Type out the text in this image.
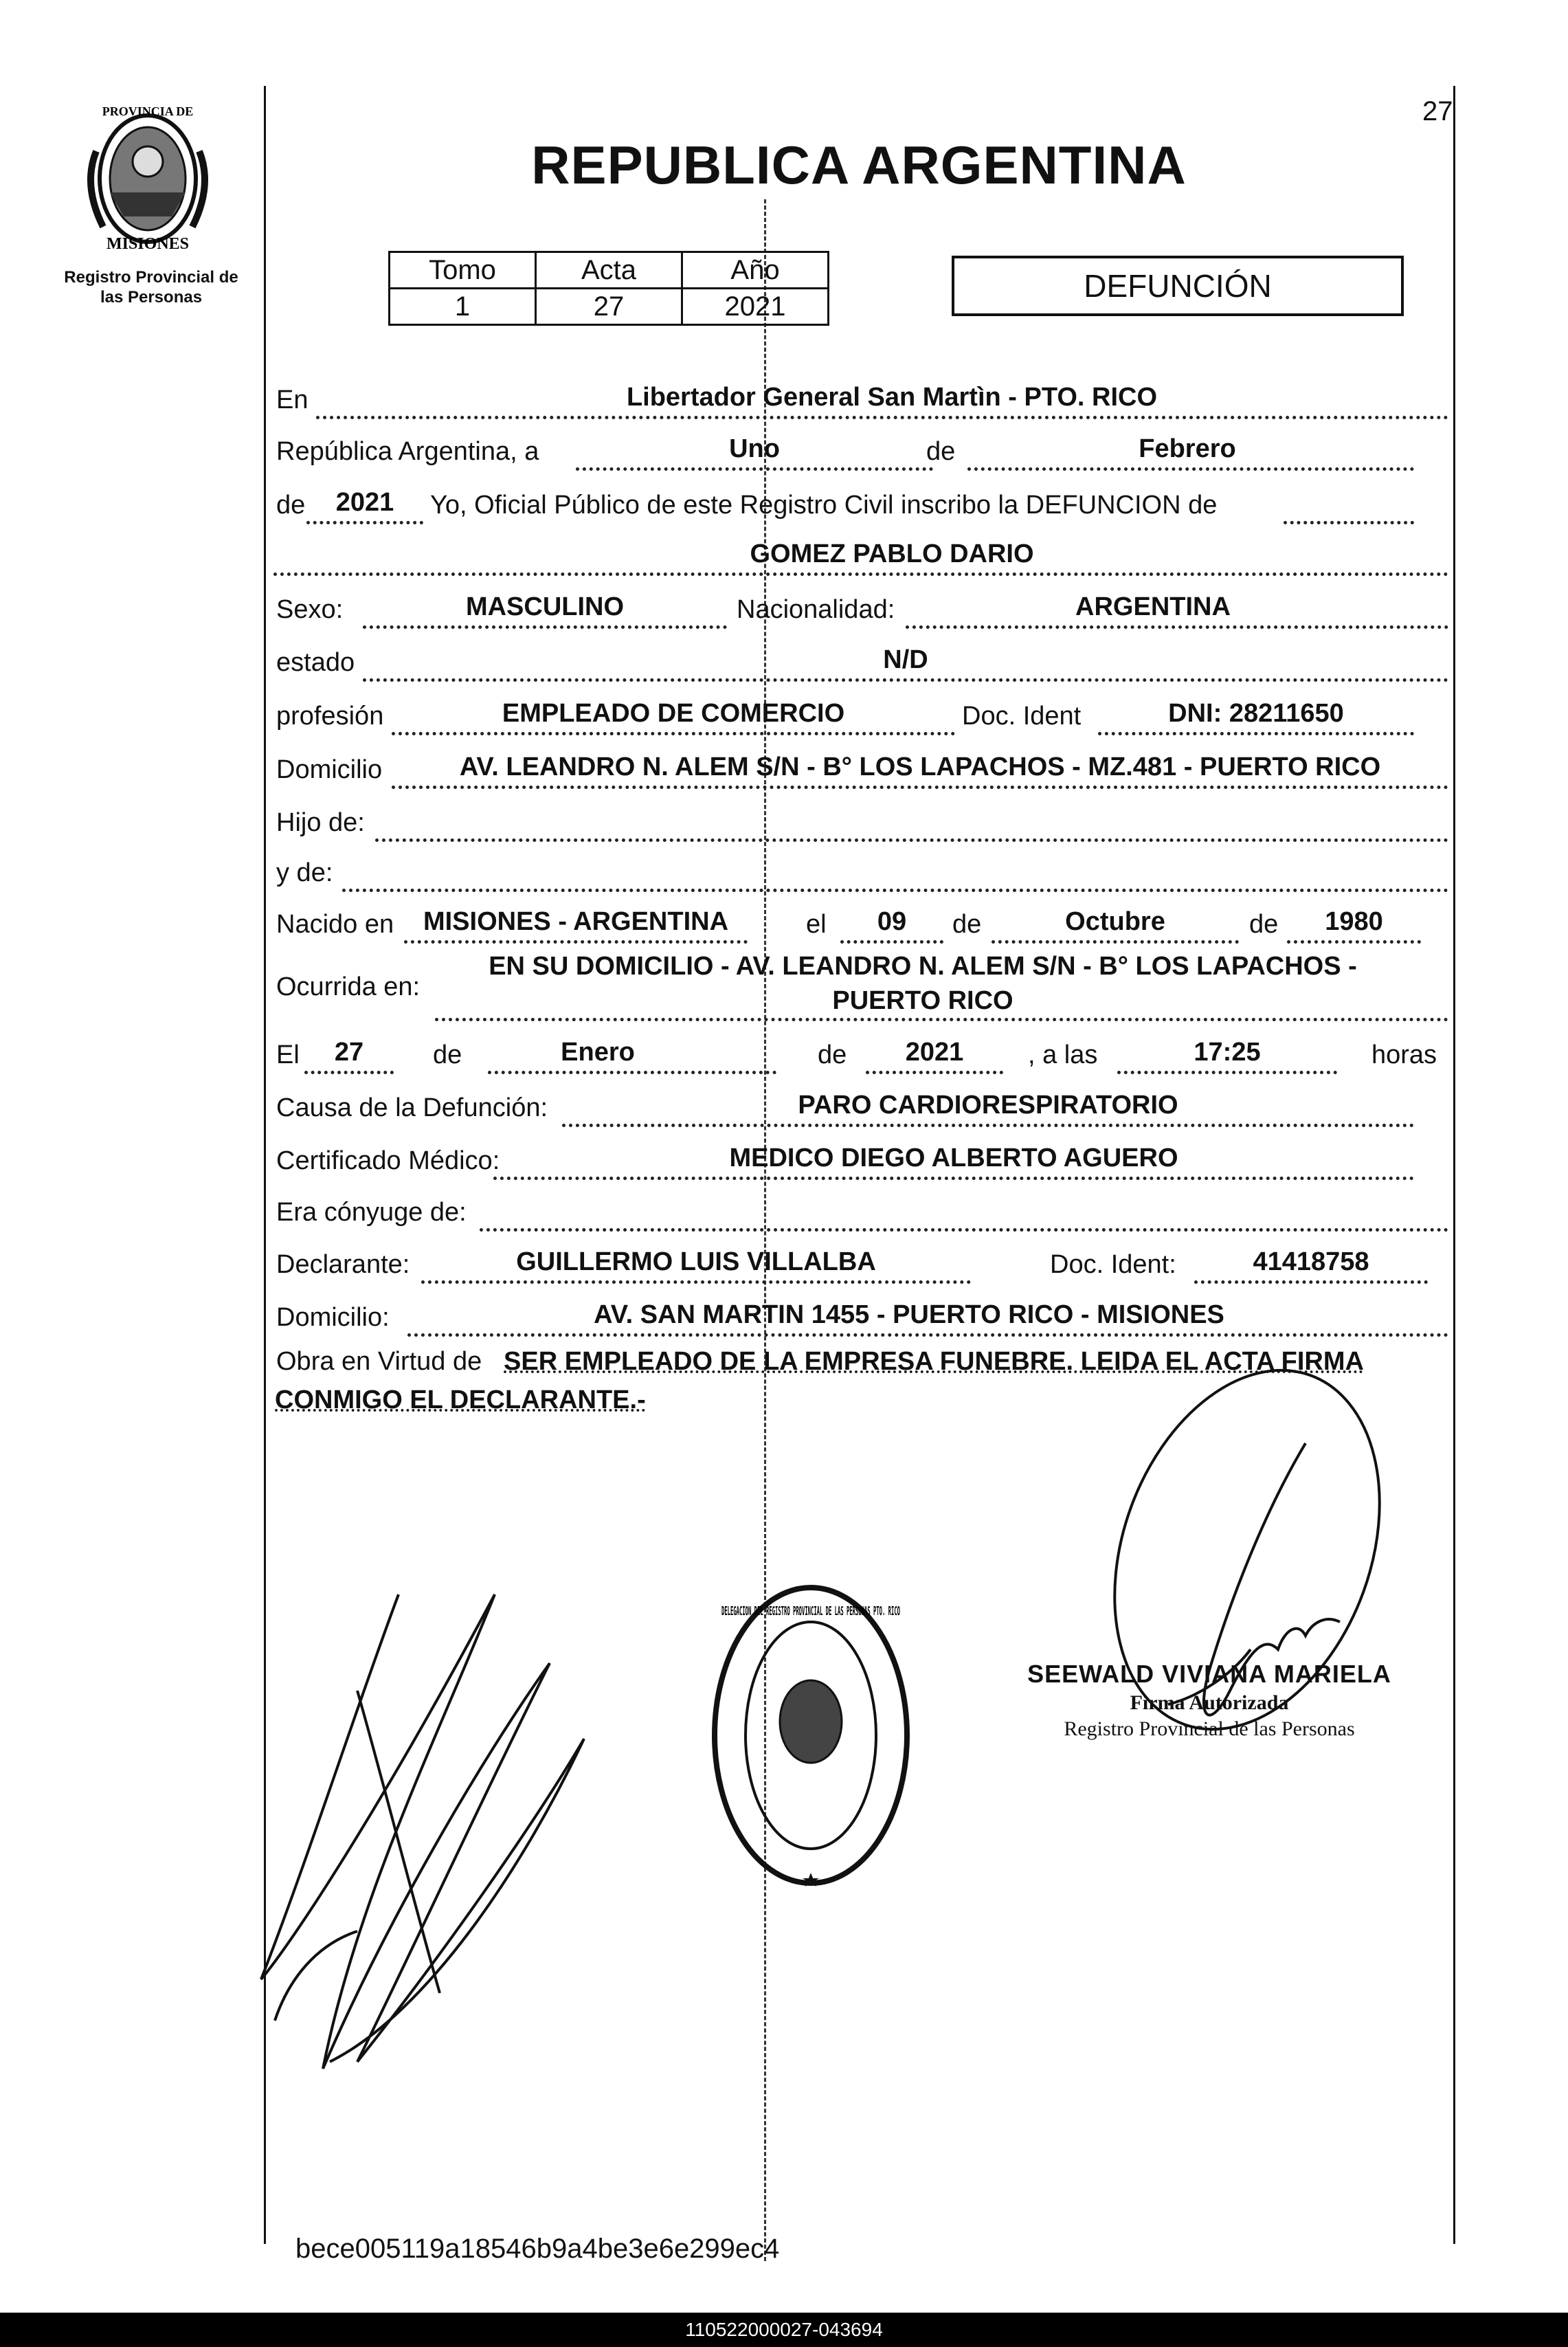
27
PROVINCIA DE
MISIONES
Registro Provincial de
las Personas
REPUBLICA ARGENTINA
Tomo	Acta	Año
1	27	2021
DEFUNCIÓN
En	Libertador General San Martìn - PTO. RICO
República Argentina, a	Uno	de	Febrero
de	2021	Yo, Oficial Público de este Registro Civil inscribo la DEFUNCION de
GOMEZ PABLO DARIO
Sexo:	MASCULINO	Nacionalidad:	ARGENTINA
estado	N/D
profesión	EMPLEADO DE COMERCIO	Doc. Ident	DNI: 28211650
Domicilio	AV. LEANDRO N. ALEM S/N - B° LOS LAPACHOS - MZ.481 - PUERTO RICO
Hijo de:
y de:
Nacido en	MISIONES - ARGENTINA	el	09	de	Octubre	de	1980
Ocurrida en:
EN SU DOMICILIO - AV. LEANDRO N. ALEM S/N - B° LOS LAPACHOS -
PUERTO RICO
El	27	de	Enero	de	2021	, a las	17:25	horas
Causa de la Defunción:	PARO CARDIORESPIRATORIO
Certificado Médico:	MEDICO DIEGO ALBERTO AGUERO
Era cónyuge de:
Declarante:	GUILLERMO LUIS VILLALBA	Doc. Ident:	41418758
Domicilio:	AV. SAN MARTIN 1455 - PUERTO RICO - MISIONES
Obra en Virtud de SER EMPLEADO DE LA EMPRESA FUNEBRE. LEIDA EL ACTA FIRMA
CONMIGO EL DECLARANTE.-
DELEGACION DEL REGISTRO PROVINCIAL DE LAS PERSONAS PTO. RICO
SEEWALD VIVIANA MARIELA
Firma Autorizada
Registro Provincial de las Personas
bece005119a18546b9a4be3e6e299ec4
110522000027-043694
